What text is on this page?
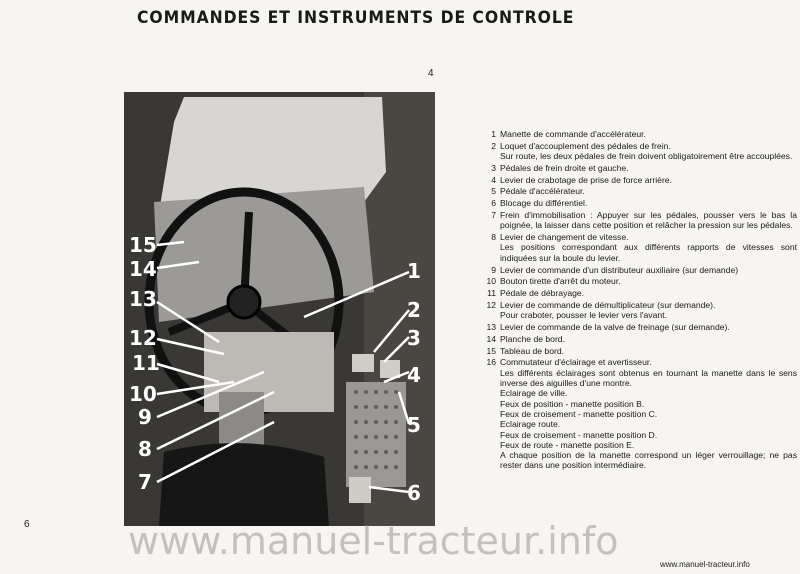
COMMANDES ET INSTRUMENTS DE CONTROLE
4
15
14
13
12
11
10
9
8
7
1
2
3
4
5
6
1 Manette de commande d'accélérateur.
2 Loquet d'accouplement des pédales de frein.
Sur route, les deux pédales de frein doivent obligatoirement être accouplées.
3 Pédales de frein droite et gauche.
4 Levier de crabotage de prise de force arrière.
5 Pédale d'accélérateur.
6 Blocage du différentiel.
7 Frein d'immobilisation : Appuyer sur les pédales, pousser vers le bas la poignée, la laisser dans cette position et relâcher la pression sur les pédales.
8 Levier de changement de vitesse.
Les positions correspondant aux différents rapports de vitesses sont indiquées sur la boule du levier.
9 Levier de commande d'un distributeur auxiliaire (sur demande)
10 Bouton tirette d'arrêt du moteur.
11 Pédale de débrayage.
12 Levier de commande de démultiplicateur (sur demande).
Pour craboter, pousser le levier vers l'avant.
13 Levier de commande de la valve de freinage (sur demande).
14 Planche de bord.
15 Tableau de bord.
16 Commutateur d'éclairage et avertisseur.
Les différents éclairages sont obtenus en tournant la manette dans le sens inverse des aiguilles d'une montre.
Eclairage de ville.
Feux de position - manette position B.
Feux de croisement - manette position C.
Eclairage route.
Feux de croisement - manette position D.
Feux de route - manette position E.
A chaque position de la manette correspond un léger verrouillage; ne pas rester dans une position intermédiaire.
6	www.manuel-tracteur.info
www.manuel-tracteur.info
